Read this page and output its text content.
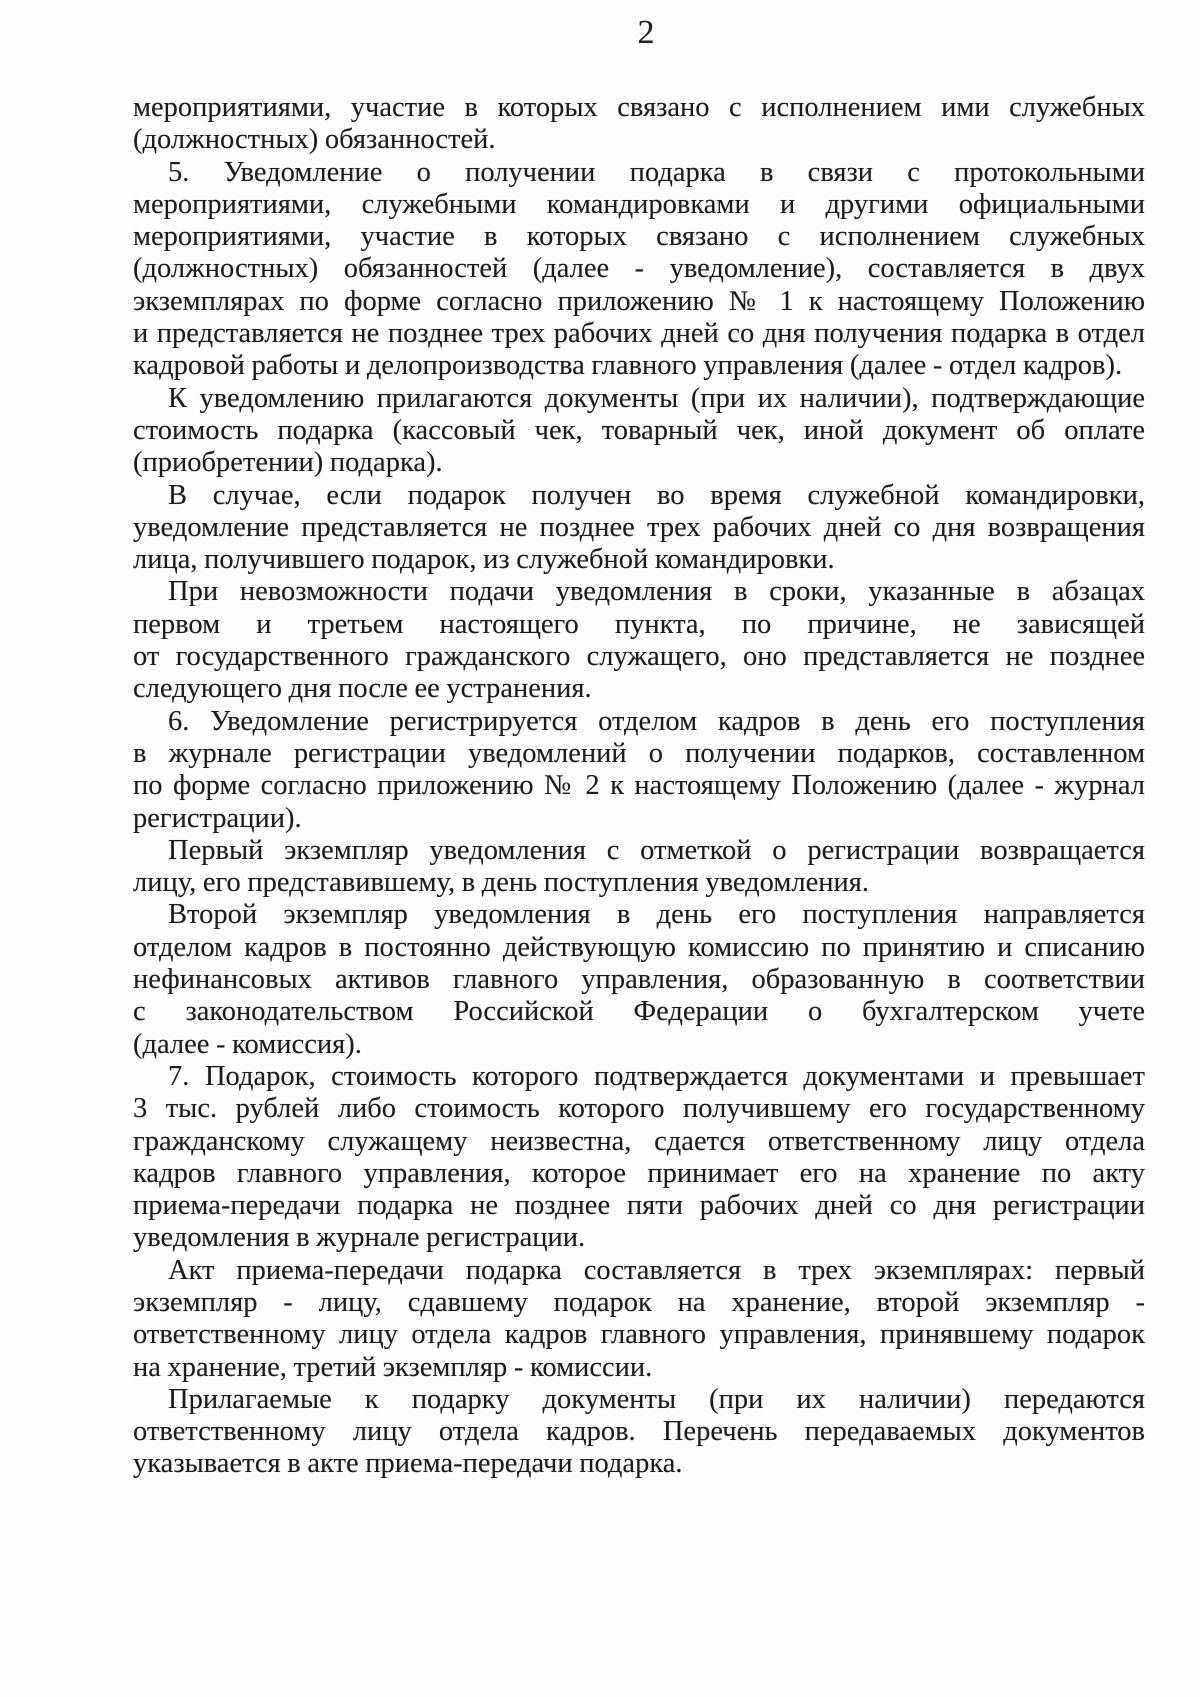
2
мероприятиями, участие в которых связано с исполнением ими служебных
(должностных) обязанностей.
5. Уведомление о получении подарка в связи с протокольными
мероприятиями, служебными командировками и другими официальными
мероприятиями, участие в которых связано с исполнением служебных
(должностных) обязанностей (далее - уведомление), составляется в двух
экземплярах по форме согласно приложению № 1 к настоящему Положению
и представляется не позднее трех рабочих дней со дня получения подарка в отдел
кадровой работы и делопроизводства главного управления (далее - отдел кадров).
К уведомлению прилагаются документы (при их наличии), подтверждающие
стоимость подарка (кассовый чек, товарный чек, иной документ об оплате
(приобретении) подарка).
В случае, если подарок получен во время служебной командировки,
уведомление представляется не позднее трех рабочих дней со дня возвращения
лица, получившего подарок, из служебной командировки.
При невозможности подачи уведомления в сроки, указанные в абзацах
первом и третьем настоящего пункта, по причине, не зависящей
от государственного гражданского служащего, оно представляется не позднее
следующего дня после ее устранения.
6. Уведомление регистрируется отделом кадров в день его поступления
в журнале регистрации уведомлений о получении подарков, составленном
по форме согласно приложению № 2 к настоящему Положению (далее - журнал
регистрации).
Первый экземпляр уведомления с отметкой о регистрации возвращается
лицу, его представившему, в день поступления уведомления.
Второй экземпляр уведомления в день его поступления направляется
отделом кадров в постоянно действующую комиссию по принятию и списанию
нефинансовых активов главного управления, образованную в соответствии
с законодательством Российской Федерации о бухгалтерском учете
(далее - комиссия).
7. Подарок, стоимость которого подтверждается документами и превышает
3 тыс. рублей либо стоимость которого получившему его государственному
гражданскому служащему неизвестна, сдается ответственному лицу отдела
кадров главного управления, которое принимает его на хранение по акту
приема-передачи подарка не позднее пяти рабочих дней со дня регистрации
уведомления в журнале регистрации.
Акт приема-передачи подарка составляется в трех экземплярах: первый
экземпляр - лицу, сдавшему подарок на хранение, второй экземпляр -
ответственному лицу отдела кадров главного управления, принявшему подарок
на хранение, третий экземпляр - комиссии.
Прилагаемые к подарку документы (при их наличии) передаются
ответственному лицу отдела кадров. Перечень передаваемых документов
указывается в акте приема-передачи подарка.
